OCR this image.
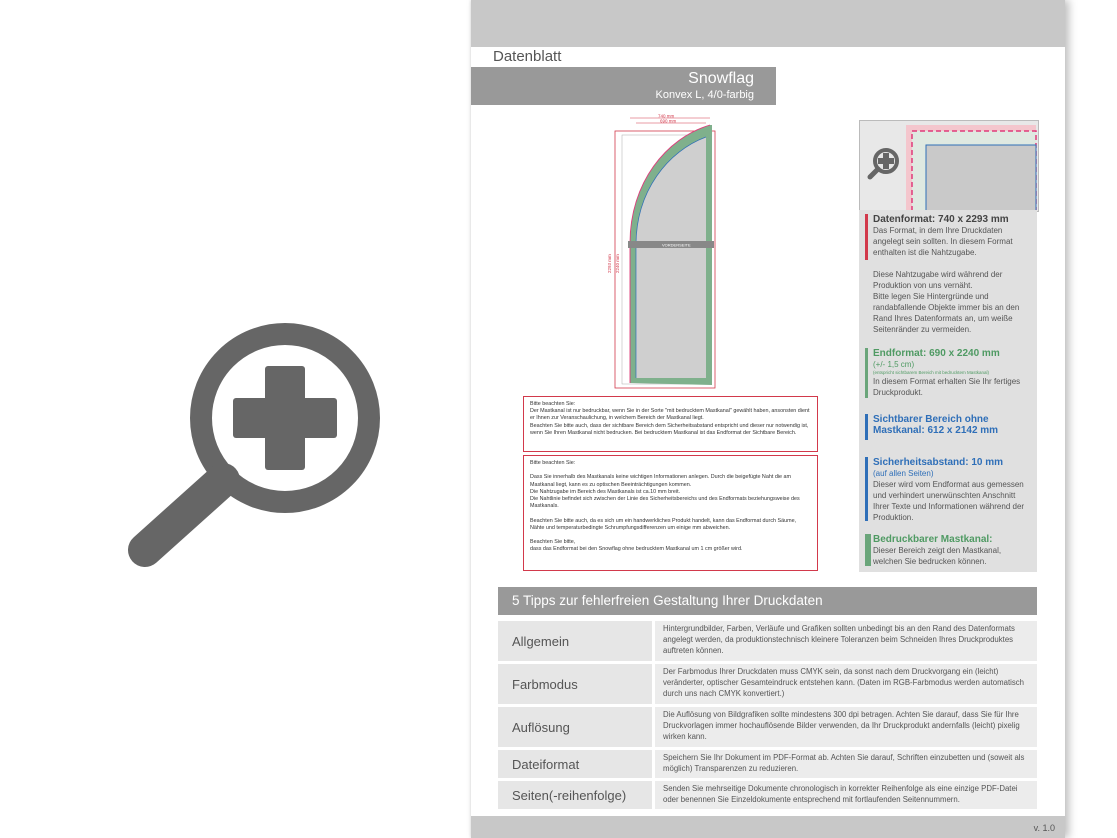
Datenblatt
Snowflag
Konvex L, 4/0-farbig
VORDERSEITE
740 mm
690 mm
2293 mm 2240 mm
Bitte beachten Sie:
Der Mastkanal ist nur bedruckbar, wenn Sie in der Sorte "mit bedrucktem Mastkanal" gewählt haben, ansonsten dient er Ihnen zur Veranschaulichung, in welchem Bereich der Mastkanal liegt.
Beachten Sie bitte auch, dass der sichtbare Bereich dem Sicherheitsabstand entspricht und dieser nur notwendig ist, wenn Sie Ihren Mastkanal nicht bedrucken. Bei bedrucktem Mastkanal ist das Endformat der Sichtbare Bereich.
Bitte beachten Sie:

Dass Sie innerhalb des Mastkanals keine wichtigen Informationen anlegen. Durch die beigefügte Naht die am Mastkanal liegt, kann es zu optischen Beeinträchtigungen kommen.
Die Nahtzugabe im Bereich des Mastkanals ist ca.10 mm breit.
Die Nahtlinie befindet sich zwischen der Linie des Sicherheitsbereichs und des Endformats beziehungsweise des Mastkanals.

Beachten Sie bitte auch, da es sich um ein handwerkliches Produkt handelt, kann das Endformat durch Säume, Nähte und temperaturbedingte Schrumpfungsdifferenzen um einige mm abweichen.

Beachten Sie bitte,
dass das Endformat bei den Snowflag ohne bedrucktem Mastkanal um 1 cm größer wird.
Datenformat: 740 x 2293 mm
Das Format, in dem Ihre Druckdaten angelegt sein sollten. In diesem Format enthalten ist die Nahtzugabe.

Diese Nahtzugabe wird während der Produktion von uns vernäht.
Bitte legen Sie Hintergründe und randabfallende Objekte immer bis an den Rand Ihres Datenformats an, um weiße Seitenränder zu vermeiden.
Endformat: 690 x 2240 mm
(+/- 1,5 cm)
(entspricht sichtbarem Bereich mit bedrucktem Mastkanal)
In diesem Format erhalten Sie Ihr fertiges Druckprodukt.
Sichtbarer Bereich ohne Mastkanal: 612 x 2142 mm
Sicherheitsabstand: 10 mm
(auf allen Seiten)
Dieser wird vom Endformat aus gemessen und verhindert unerwünschten Anschnitt Ihrer Texte und Informationen während der Produktion.
Bedruckbarer Mastkanal:
Dieser Bereich zeigt den Mastkanal, welchen Sie bedrucken können.
5 Tipps zur fehlerfreien Gestaltung Ihrer Druckdaten
Allgemein
Hintergrundbilder, Farben, Verläufe und Grafiken sollten unbedingt bis an den Rand des Datenformats angelegt werden, da produktionstechnisch kleinere Toleranzen beim Schneiden Ihres Druckproduktes auftreten können.
Farbmodus
Der Farbmodus Ihrer Druckdaten muss CMYK sein, da sonst nach dem Druckvorgang ein (leicht) veränderter, optischer Gesamteindruck entstehen kann. (Daten im RGB-Farbmodus werden automatisch durch uns nach CMYK konvertiert.)
Auflösung
Die Auflösung von Bildgrafiken sollte mindestens 300 dpi betragen. Achten Sie darauf, dass Sie für Ihre Druckvorlagen immer hochauflösende Bilder verwenden, da Ihr Druckprodukt andernfalls (leicht) pixelig wirken kann.
Dateiformat	Speichern Sie Ihr Dokument im PDF-Format ab. Achten Sie darauf, Schriften einzubetten und (soweit als möglich) Transparenzen zu reduzieren.
Seiten(-reihenfolge)	Senden Sie mehrseitige Dokumente chronologisch in korrekter Reihenfolge als eine einzige PDF-Datei oder benennen Sie Einzeldokumente entsprechend mit fortlaufenden Seitennummern.
v. 1.0
